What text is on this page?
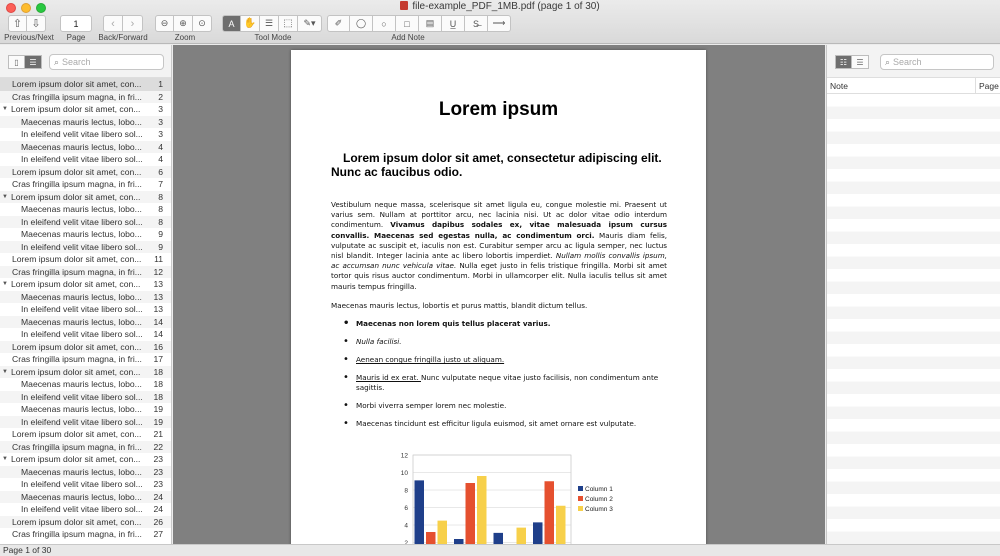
file-example_PDF_1MB.pdf (page 1 of 30)
⇧ ⇩
Previous/Next
1
Page
‹ ›
Back/Forward
⊖ ⊕ ⊙
Zoom
A ✋ ☰ ⬚ ✎▾
Tool Mode
✐ ◯ ○ □ ▤ U̲ S̶ ⟶
Add Note
▯ ☰ ⌕
Search
Lorem ipsum dolor sit amet, con...	1
Cras fringilla ipsum magna, in fri...	2
▼ Lorem ipsum dolor sit amet, con...	3
Maecenas mauris lectus, lobo...	3
In eleifend velit vitae libero sol...	3
Maecenas mauris lectus, lobo...	4
In eleifend velit vitae libero sol...	4
Lorem ipsum dolor sit amet, con...	6
Cras fringilla ipsum magna, in fri...	7
▼ Lorem ipsum dolor sit amet, con...	8
Maecenas mauris lectus, lobo...	8
In eleifend velit vitae libero sol...	8
Maecenas mauris lectus, lobo...	9
In eleifend velit vitae libero sol...	9
Lorem ipsum dolor sit amet, con...	11
Cras fringilla ipsum magna, in fri...	12
▼ Lorem ipsum dolor sit amet, con...	13
Maecenas mauris lectus, lobo...	13
In eleifend velit vitae libero sol...	13
Maecenas mauris lectus, lobo...	14
In eleifend velit vitae libero sol...	14
Lorem ipsum dolor sit amet, con...	16
Cras fringilla ipsum magna, in fri...	17
▼ Lorem ipsum dolor sit amet, con...	18
Maecenas mauris lectus, lobo...	18
In eleifend velit vitae libero sol...	18
Maecenas mauris lectus, lobo...	19
In eleifend velit vitae libero sol...	19
Lorem ipsum dolor sit amet, con...	21
Cras fringilla ipsum magna, in fri...	22
▼ Lorem ipsum dolor sit amet, con...	23
Maecenas mauris lectus, lobo...	23
In eleifend velit vitae libero sol...	23
Maecenas mauris lectus, lobo...	24
In eleifend velit vitae libero sol...	24
Lorem ipsum dolor sit amet, con...	26
Cras fringilla ipsum magna, in fri...	27
Lorem ipsum
Lorem ipsum dolor sit amet, consectetur adipiscing elit. Nunc ac faucibus odio.
Vestibulum neque massa, scelerisque sit amet ligula eu, congue molestie mi. Praesent ut varius sem. Nullam at porttitor arcu, nec lacinia nisi. Ut ac dolor vitae odio interdum condimentum. Vivamus dapibus sodales ex, vitae malesuada ipsum cursus convallis. Maecenas sed egestas nulla, ac condimentum orci. Mauris diam felis, vulputate ac suscipit et, iaculis non est. Curabitur semper arcu ac ligula semper, nec luctus nisl blandit. Integer lacinia ante ac libero lobortis imperdiet. Nullam mollis convallis ipsum, ac accumsan nunc vehicula vitae. Nulla eget justo in felis tristique fringilla. Morbi sit amet tortor quis risus auctor condimentum. Morbi in ullamcorper elit. Nulla iaculis tellus sit amet mauris tempus fringilla.
Maecenas mauris lectus, lobortis et purus mattis, blandit dictum tellus.
• Maecenas non lorem quis tellus placerat varius.
• Nulla facilisi.
• Aenean congue fringilla justo ut aliquam.
• Mauris id ex erat. Nunc vulputate neque vitae justo facilisis, non condimentum ante sagittis.
• Morbi viverra semper lorem nec molestie.
• Maecenas tincidunt est efficitur ligula euismod, sit amet ornare est vulputate.
12
10
8
6
4
Column 1
Column 2
Column 3
☷ ☰ ⌕
Search
Note	Page
Page 1 of 30
